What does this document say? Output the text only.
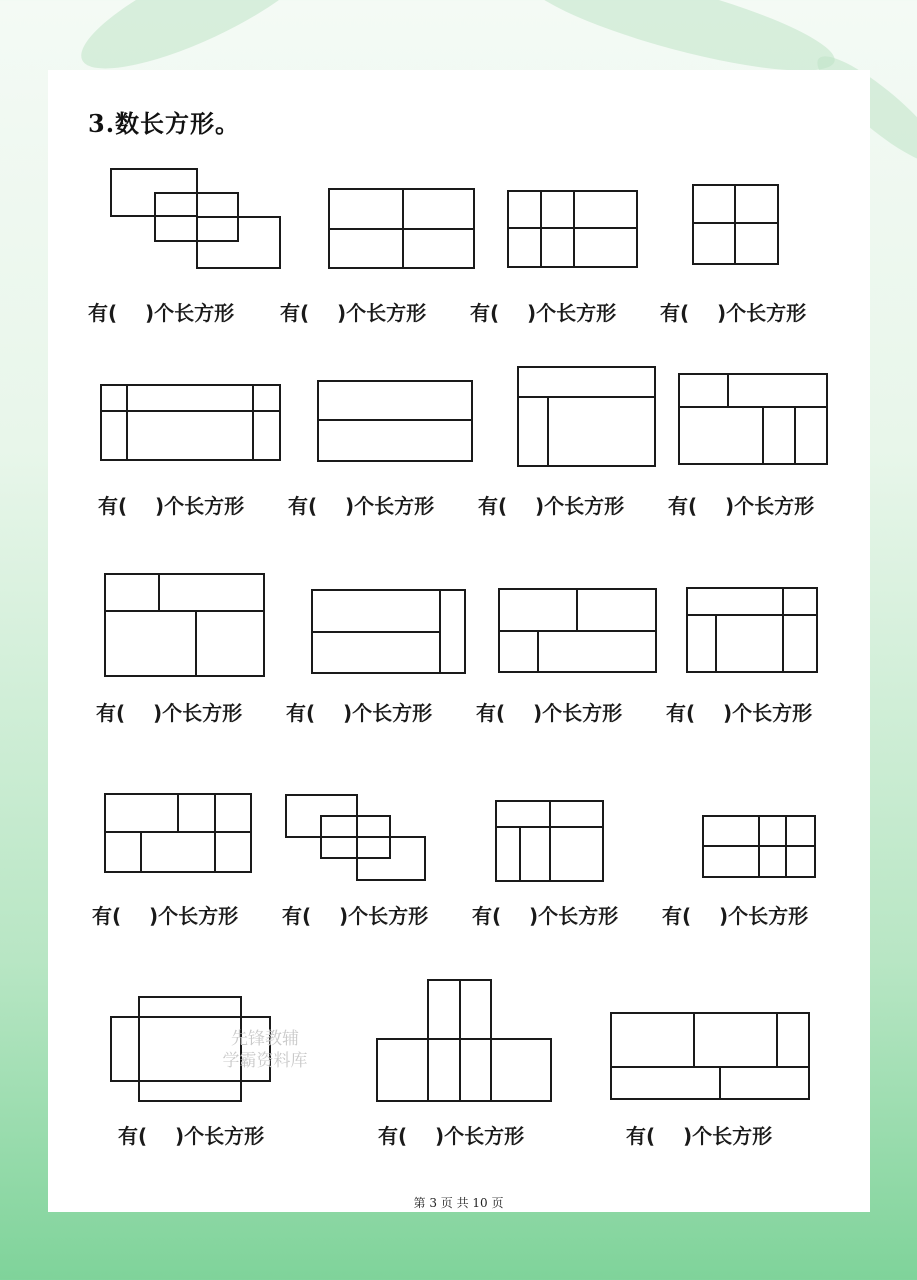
3.数长方形。
有(    )个长方形 有(    )个长方形 有(    )个长方形 有(    )个长方形
有(    )个长方形 有(    )个长方形 有(    )个长方形 有(    )个长方形
有(    )个长方形 有(    )个长方形 有(    )个长方形 有(    )个长方形
有(    )个长方形 有(    )个长方形 有(    )个长方形 有(    )个长方形
先锋教辅
学霸资料库
有(    )个长方形	有(    )个长方形	有(    )个长方形
第 3 页 共 10 页
